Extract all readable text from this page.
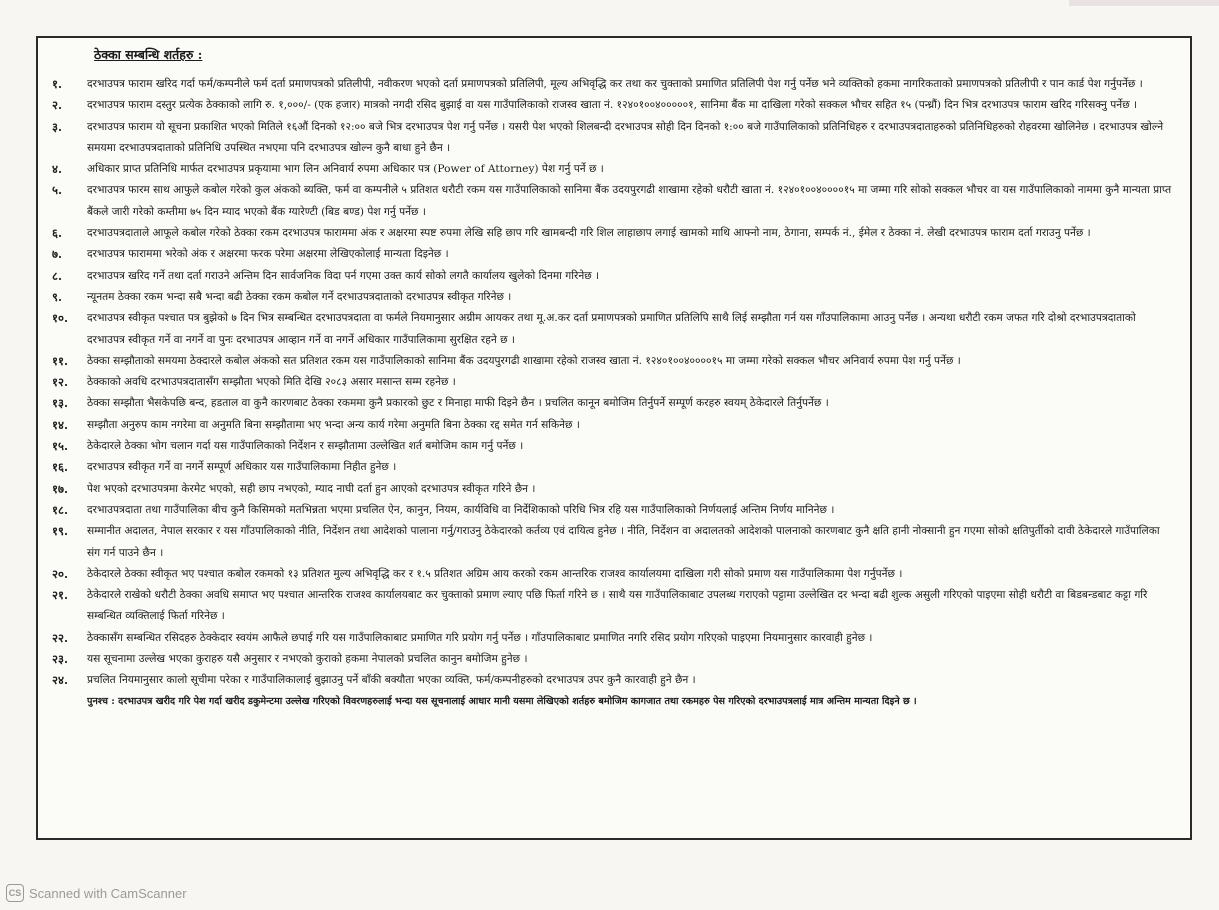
ठेक्का सम्बन्धि शर्तहरु :
१.	दरभाउपत्र फाराम खरिद गर्दा फर्म/कम्पनीले फर्म दर्ता प्रमाणपत्रको प्रतिलीपी, नवीकरण भएको दर्ता प्रमाणपत्रको प्रतिलिपी, मूल्य अभिवृद्धि कर तथा कर चुक्ताको प्रमाणित प्रतिलिपी पेश गर्नु पर्नेछ भने व्यक्तिको हकमा नागरिकताको प्रमाणपत्रको प्रतिलीपी र पान कार्ड पेश गर्नुपर्नेछ ।
२.	दरभाउपत्र फाराम दस्तुर प्रत्येक ठेक्काको लागि रु. १,०००/- (एक हजार) मात्रको नगदी रसिद बुझाई वा यस गाउँपालिकाको राजस्व खाता नं. १२४०१००४०००००१, सानिमा बैंक मा दाखिला गरेको सक्कल भौचर सहित १५ (पन्ध्रौं) दिन भित्र दरभाउपत्र फाराम खरिद गरिसक्नु पर्नेछ ।
३.	दरभाउपत्र फाराम यो सूचना प्रकाशित भएको मितिले १६औं दिनको १२:०० बजे भित्र दरभाउपत्र पेश गर्नु पर्नेछ । यसरी पेश भएको शिलबन्दी दरभाउपत्र सोही दिन दिनको १:०० बजे गाउँपालिकाको प्रतिनिधिहरु र दरभाउपत्रदाताहरुको प्रतिनिधिहरुको रोहवरमा खोलिनेछ । दरभाउपत्र खोल्ने समयमा दरभाउपत्रदाताको प्रतिनिधि उपस्थित नभएमा पनि दरभाउपत्र खोल्न कुनै बाधा हुने छैन ।
४.	अधिकार प्राप्त प्रतिनिधि मार्फत दरभाउपत्र प्रकृयामा भाग लिन अनिवार्य रुपमा अधिकार पत्र (Power of Attorney) पेश गर्नु पर्ने छ ।
५.	दरभाउपत्र फारम साथ आफुले कबोल गरेको कुल अंकको ब्यक्ति, फर्म वा कम्पनीले ५ प्रतिशत धरौटी रकम यस गाउँपालिकाको सानिमा बैंक उदयपुरगढी शाखामा रहेको धरौटी खाता नं. १२४०१००४००००१५ मा जम्मा गरि सोको सक्कल भौचर वा यस गाउँपालिकाको नाममा कुनै मान्यता प्राप्त बैंकले जारी गरेको कम्तीमा ७५ दिन म्याद भएको बैंक ग्यारेण्टी (बिड बण्ड) पेश गर्नु पर्नेछ ।
६.	दरभाउपत्रदाताले आफूले कबोल गरेको ठेक्का रकम दरभाउपत्र फाराममा अंक र अक्षरमा स्पष्ट रुपमा लेखि सहि छाप गरि खामबन्दी गरि शिल लाहाछाप लगाई खामको माथि आफ्नो नाम, ठेगाना, सम्पर्क नं., ईमेल र ठेक्का नं. लेखी दरभाउपत्र फाराम दर्ता गराउनु पर्नेछ ।
७.	दरभाउपत्र फाराममा भरेको अंक र अक्षरमा फरक परेमा अक्षरमा लेखिएकोलाई मान्यता दिइनेछ ।
८.	दरभाउपत्र खरिद गर्ने तथा दर्ता गराउने अन्तिम दिन सार्वजनिक विदा पर्न गएमा उक्त कार्य सोको लगतै कार्यालय खुलेको दिनमा गरिनेछ ।
९.	न्यूनतम ठेक्का रकम भन्दा सबै भन्दा बढी ठेक्का रकम कबोल गर्ने दरभाउपत्रदाताको दरभाउपत्र स्वीकृत गरिनेछ ।
१०.	दरभाउपत्र स्वीकृत पश्चात पत्र बुझेको ७ दिन भित्र सम्बन्धित दरभाउपत्रदाता वा फर्मले नियमानुसार अग्रीम आयकर तथा मू.अ.कर दर्ता प्रमाणपत्रको प्रमाणित प्रतिलिपि साथै लिई सम्झौता गर्न यस गाँउपालिकामा आउनु पर्नेछ । अन्यथा धरौटी रकम जफत गरि दोश्रो दरभाउपत्रदाताको दरभाउपत्र स्वीकृत गर्ने वा नगर्ने वा पुनः दरभाउपत्र आव्हान गर्ने वा नगर्ने अधिकार गाउँपालिकामा सुरक्षित रहने छ ।
११.	ठेक्का सम्झौताको समयमा ठेक्दारले कबोल अंकको सत प्रतिशत रकम यस गाउँपालिकाको सानिमा बैंक उदयपुरगढी शाखामा रहेको राजस्व खाता नं. १२४०१००४००००१५ मा जम्मा गरेको सक्कल भौचर अनिवार्य रुपमा पेश गर्नु पर्नेछ ।
१२.	ठेक्काको अवधि दरभाउपत्रदातासँग सम्झौता भएको मिति देखि २०८३ असार मसान्त सम्म रहनेछ ।
१३.	ठेक्का सम्झौता भैसकेपछि बन्द, हडताल वा कुनै कारणबाट ठेक्का रकममा कुनै प्रकारको छुट र मिनाहा माफी दिइने छैन । प्रचलित कानून बमोजिम तिर्नुपर्ने सम्पूर्ण करहरु स्वयम् ठेकेदारले तिर्नुपर्नेछ ।
१४.	सम्झौता अनुरुप काम नगरेमा वा अनुमति बिना सम्झौतामा भए भन्दा अन्य कार्य गरेमा अनुमति बिना ठेक्का रद्द समेत गर्न सकिनेछ ।
१५.	ठेकेदारले ठेक्का भोग चलान गर्दा यस गाउँपालिकाको निर्देशन र सम्झौतामा उल्लेखित शर्त बमोजिम काम गर्नु पर्नेछ ।
१६.	दरभाउपत्र स्वीकृत गर्ने वा नगर्ने सम्पूर्ण अधिकार यस गाउँपालिकामा निहीत हुनेछ ।
१७.	पेश भएको दरभाउपत्रमा केरमेट भएको, सही छाप नभएको, म्याद नाघी दर्ता हुन आएको दरभाउपत्र स्वीकृत गरिने छैन ।
१८.	दरभाउपत्रदाता तथा गाउँपालिका बीच कुनै किसिमको मतभिन्नता भएमा प्रचलित ऐन, कानुन, नियम, कार्यविधि वा निर्देशिकाको परिधि भित्र रहि यस गाउँपालिकाको निर्णयलाई अन्तिम निर्णय मानिनेछ ।
१९.	सम्मानीत अदालत, नेपाल सरकार र यस गाँउपालिकाको नीति, निर्देशन तथा आदेशको पालाना गर्नु/गराउनु ठेकेदारको कर्तव्य एवं दायित्व हुनेछ । नीति, निर्देशन वा अदालतको आदेशको पालनाको कारणबाट कुनै क्षति हानी नोक्सानी हुन गएमा सोको क्षतिपुर्तीको दावी ठेकेदारले गाउँपालिका संग गर्न पाउने छैन ।
२०.	ठेकेदारले ठेक्का स्वीकृत भए पश्चात कबोल रकमको १३ प्रतिशत मुल्य अभिवृद्धि कर र १.५ प्रतिशत अग्रिम आय करको रकम आन्तरिक राजश्व कार्यालयमा दाखिला गरी सोको प्रमाण यस गाउँपालिकामा पेश गर्नुपर्नेछ ।
२१.	ठेकेदारले राखेको धरौटी ठेक्का अवधि समाप्त भए पश्चात आन्तरिक राजश्व कार्यालयबाट कर चुक्ताको प्रमाण ल्याए पछि फिर्ता गरिने छ । साथै यस गाउँपालिकाबाट उपलब्ध गराएको पट्टामा उल्लेखित दर भन्दा बढी शुल्क असुली गरिएको पाइएमा सोही धरौटी वा बिडबन्डबाट कट्टा गरि सम्बन्धित व्यक्तिलाई फिर्ता गरिनेछ ।
२२.	ठेक्कासँग सम्बन्धित रसिदहरु ठेक्केदार स्वयंम आफैले छपाई गरि यस गाउँपालिकाबाट प्रमाणित गरि प्रयोग गर्नु पर्नेछ । गाँउपालिकाबाट प्रमाणित नगरि रसिद प्रयोग गरिएको पाइएमा नियमानुसार कारवाही हुनेछ ।
२३.	यस सूचनामा उल्लेख भएका कुराहरु यसै अनुसार र नभएको कुराको हकमा नेपालको प्रचलित कानुन बमोजिम हुनेछ ।
२४.	प्रचलित नियमानुसार कालो सूचीमा परेका र गाउँपालिकालाई बुझाउनु पर्ने बाँकी बक्यौता भएका व्यक्ति, फर्म/कम्पनीहरुको दरभाउपत्र उपर कुनै कारवाही हुने छैन ।
पुनश्च : दरभाउपत्र खरीद गरि पेश गर्दा खरीद डकुमेन्टमा उल्लेख गरिएको विवरणहरुलाई भन्दा यस सूचनालाई आधार मानी यसमा लेखिएको शर्तहरु बमोजिम कागजात तथा रकमहरु पेस गरिएको दरभाउपत्रलाई मात्र अन्तिम मान्यता दिइने छ ।
CS Scanned with CamScanner
